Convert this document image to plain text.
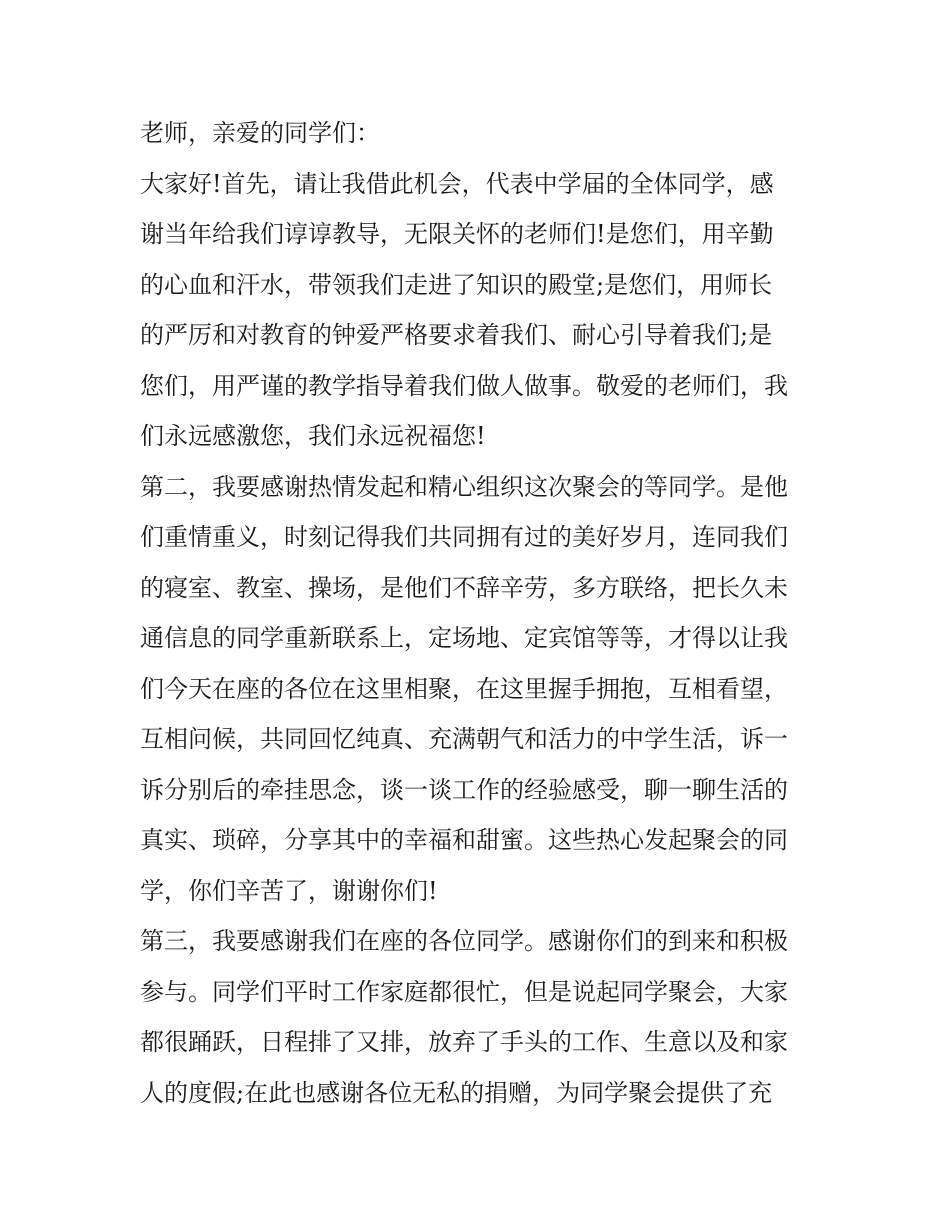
老师，亲爱的同学们：
大家好!首先，请让我借此机会，代表中学届的全体同学，感
谢当年给我们谆谆教导，无限关怀的老师们!是您们，用辛勤
的心血和汗水，带领我们走进了知识的殿堂;是您们，用师长
的严厉和对教育的钟爱严格要求着我们、耐心引导着我们;是
您们，用严谨的教学指导着我们做人做事。敬爱的老师们，我
们永远感激您，我们永远祝福您!
第二，我要感谢热情发起和精心组织这次聚会的等同学。是他
们重情重义，时刻记得我们共同拥有过的美好岁月，连同我们
的寝室、教室、操场，是他们不辞辛劳，多方联络，把长久未
通信息的同学重新联系上，定场地、定宾馆等等，才得以让我
们今天在座的各位在这里相聚，在这里握手拥抱，互相看望，
互相问候，共同回忆纯真、充满朝气和活力的中学生活，诉一
诉分别后的牵挂思念，谈一谈工作的经验感受，聊一聊生活的
真实、琐碎，分享其中的幸福和甜蜜。这些热心发起聚会的同
学，你们辛苦了，谢谢你们!
第三，我要感谢我们在座的各位同学。感谢你们的到来和积极
参与。同学们平时工作家庭都很忙，但是说起同学聚会，大家
都很踊跃，日程排了又排，放弃了手头的工作、生意以及和家
人的度假;在此也感谢各位无私的捐赠，为同学聚会提供了充
